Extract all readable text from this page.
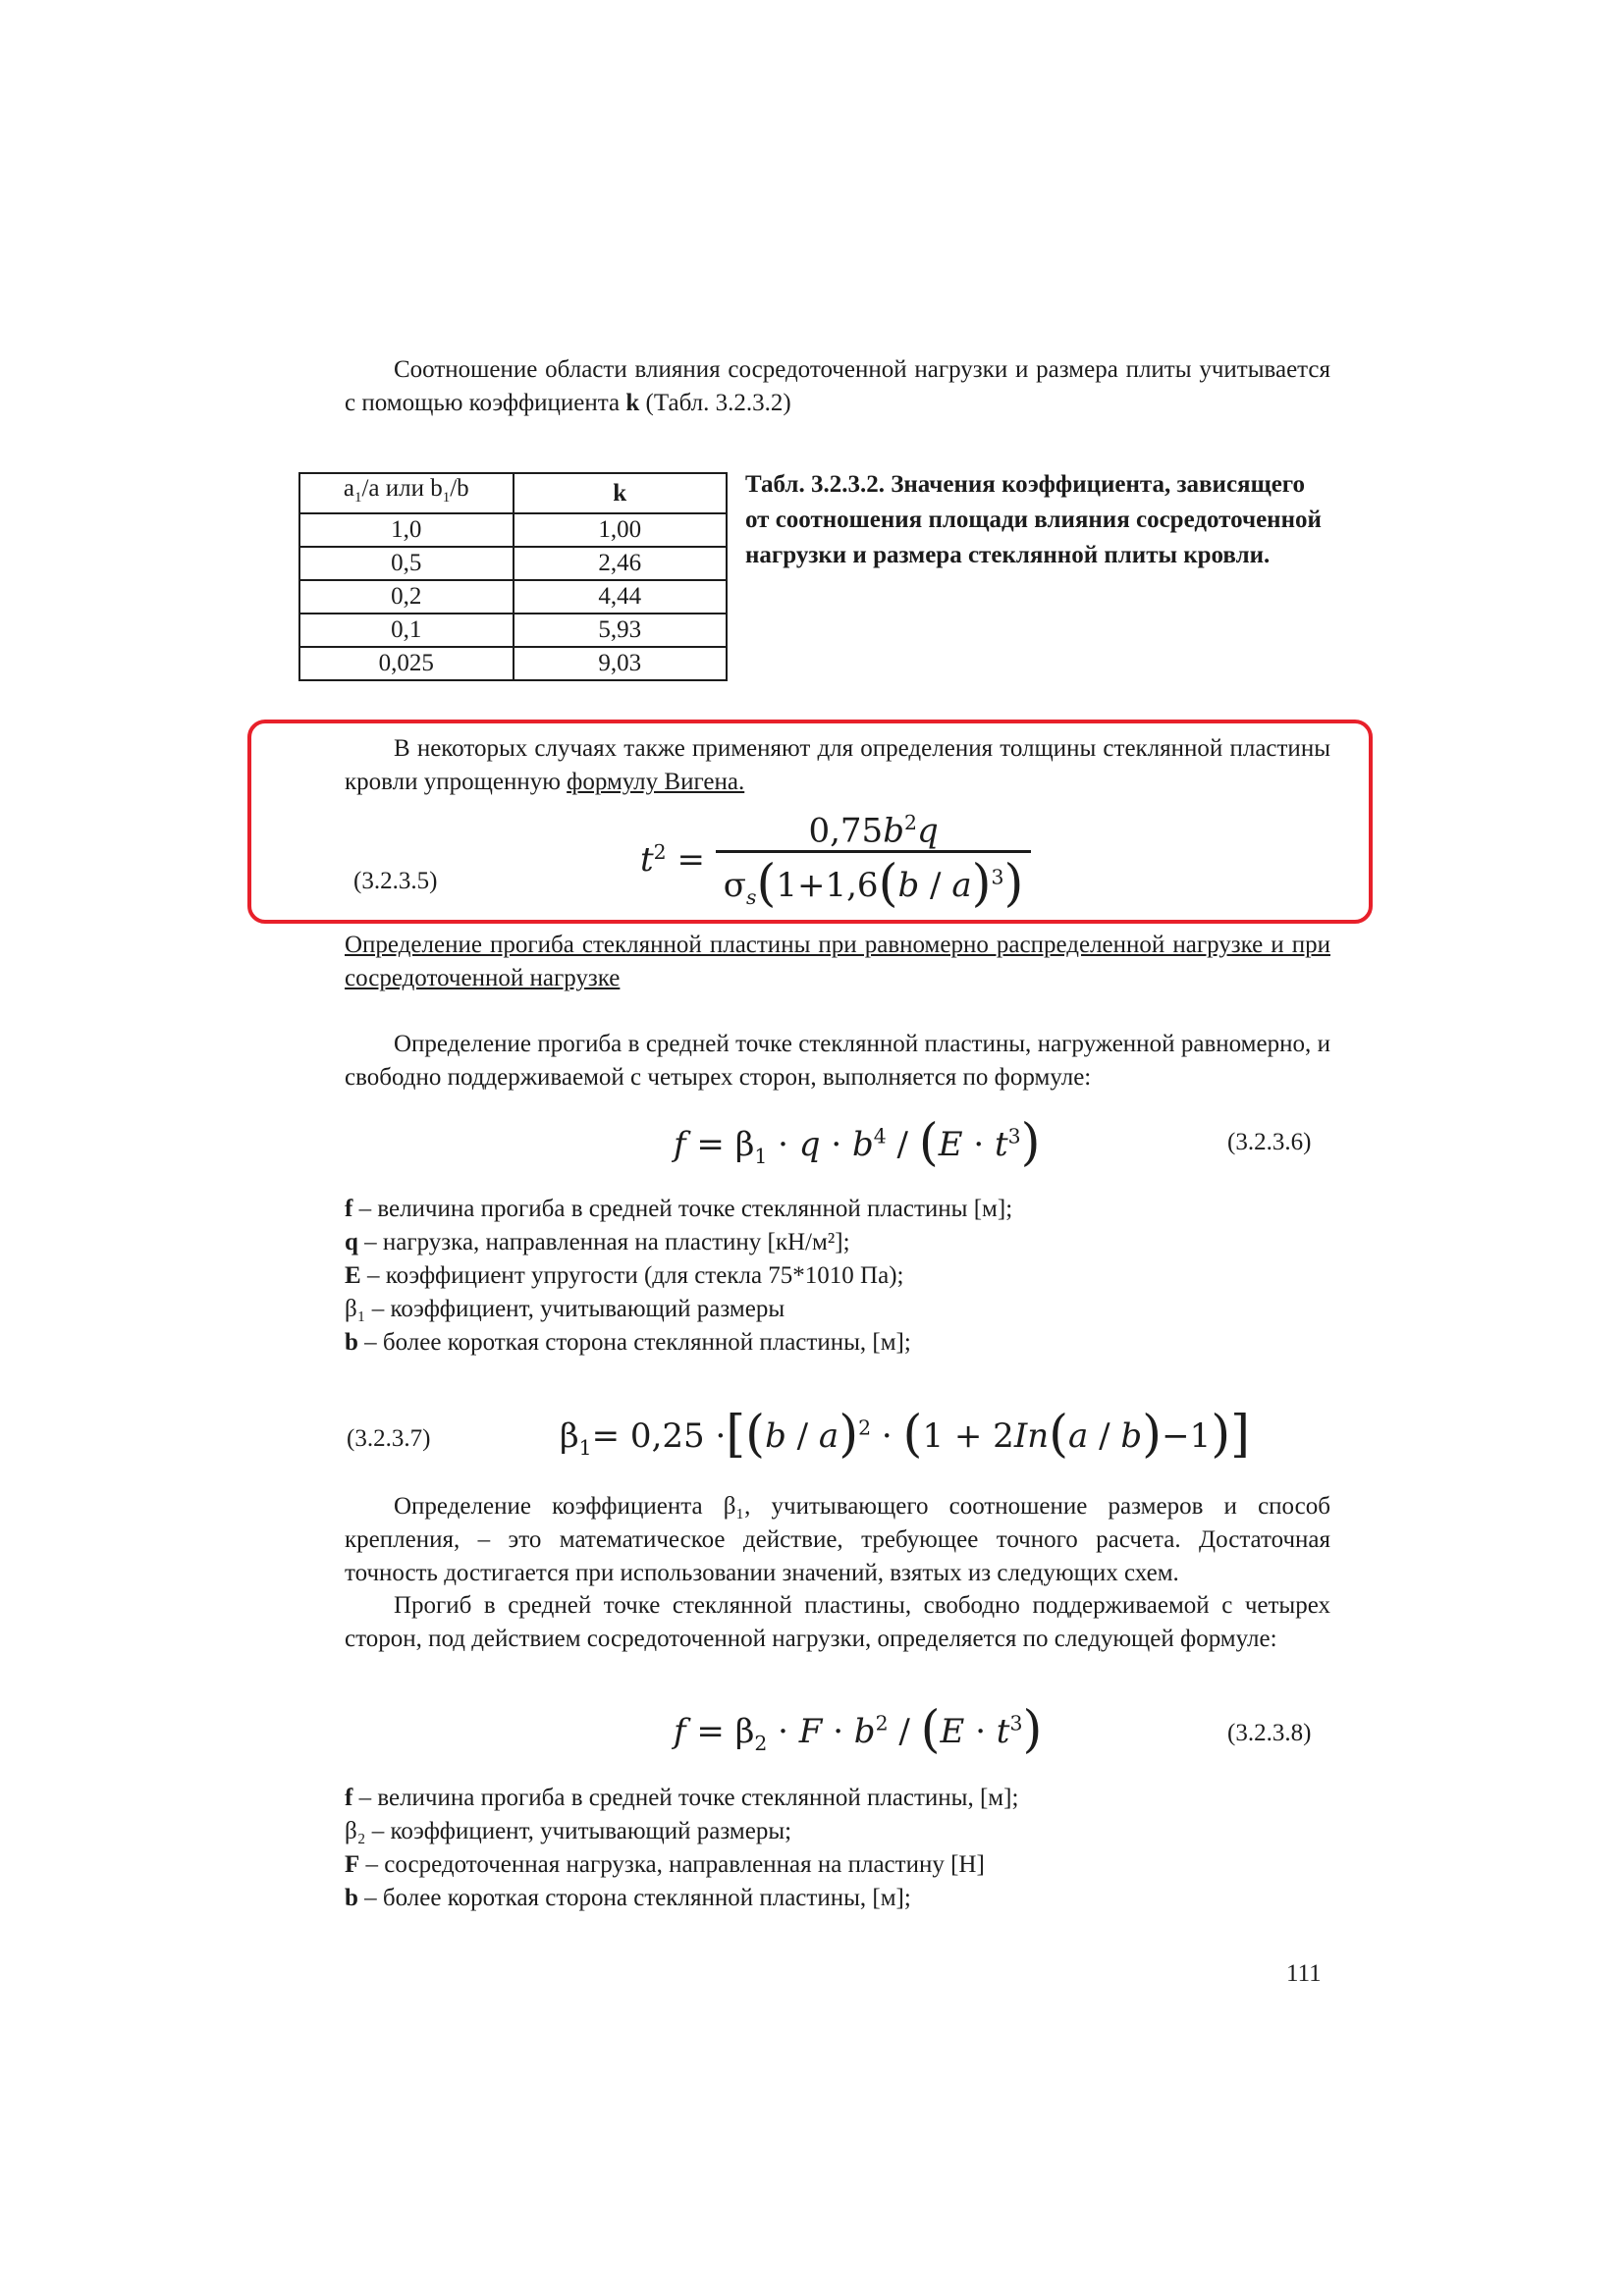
Соотношение области влияния сосредоточенной нагрузки и размера плиты учитывается с помощью коэффициента k (Табл. 3.2.3.2)
$a_1/a$ или $b_1/b$	k
1,0	1,00
0,5	2,46
0,2	4,44
0,1	5,93
0,025	9,03
Табл. 3.2.3.2. Значения коэффициента, зависящего от соотношения площади влияния сосредоточенной нагрузки и размера стеклянной плиты кровли.
В некоторых случаях также применяют для определения толщины стеклянной пластины кровли упрощенную формулу Вигена.
(3.2.3.5)
$t^2 = \frac{0,75b^2q}{\sigma_s(1+1,6(b / a)^3)}$
Определение прогиба стеклянной пластины при равномерно распределенной нагрузке и при сосредоточенной нагрузке
Определение прогиба в средней точке стеклянной пластины, нагруженной равномерно, и свободно поддерживаемой с четырех сторон, выполняется по формуле:
$f = \beta_1 \cdot q \cdot b^4 / (E \cdot t^3)$	(3.2.3.6)
f – величина прогиба в средней точке стеклянной пластины [м];
q – нагрузка, направленная на пластину [кН/м²];
E – коэффициент упругости (для стекла 75*1010 Па);
β₁ – коэффициент, учитывающий размеры
b – более короткая сторона стеклянной пластины, [м];
(3.2.3.7)	$\beta_1= 0,25 \cdot[(b / a)^2 \cdot (1 + 2In(a / b)-1)]$
Определение коэффициента β₁, учитывающего соотношение размеров и способ крепления, – это математическое действие, требующее точного расчета. Достаточная точность достигается при использовании значений, взятых из следующих схем.
Прогиб в средней точке стеклянной пластины, свободно поддерживаемой с четырех сторон, под действием сосредоточенной нагрузки, определяется по следующей формуле:
$f = \beta_2 \cdot F \cdot b^2 / (E \cdot t^3)$	(3.2.3.8)
f – величина прогиба в средней точке стеклянной пластины, [м];
β₂ – коэффициент, учитывающий размеры;
F – сосредоточенная нагрузка, направленная на пластину [Н]
b – более короткая сторона стеклянной пластины, [м];
111
